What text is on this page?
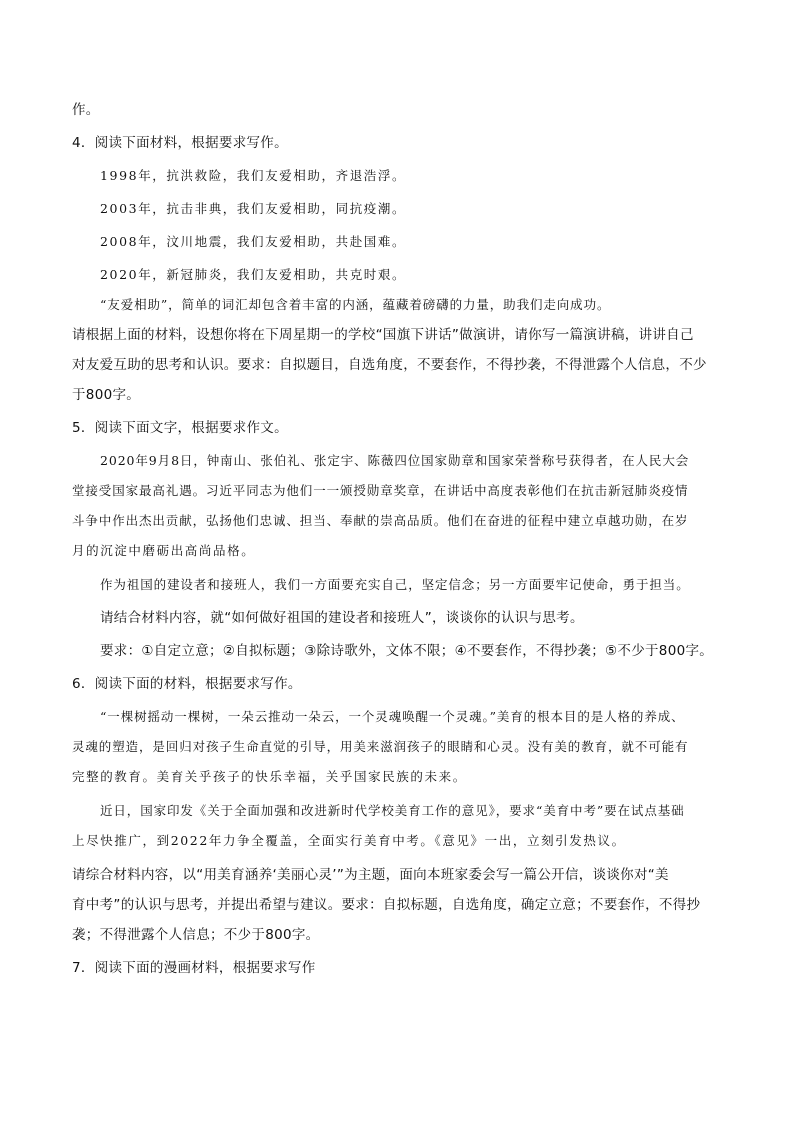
作。
4．阅读下面材料，根据要求写作。
1998年，抗洪救险，我们友爱相助，齐退浩浮。
2003年，抗击非典，我们友爱相助，同抗疫潮。
2008年，汶川地震，我们友爱相助，共赴国难。
2020年，新冠肺炎，我们友爱相助，共克时艰。
“友爱相助”，简单的词汇却包含着丰富的内涵，蕴藏着磅礴的力量，助我们走向成功。
请根据上面的材料，设想你将在下周星期一的学校“国旗下讲话”做演讲，请你写一篇演讲稿，讲讲自己
对友爱互助的思考和认识。要求：自拟题目，自选角度，不要套作，不得抄袭，不得泄露个人信息，不少
于800字。
5．阅读下面文字，根据要求作文。
2020年9月8日，钟南山、张伯礼、张定宇、陈薇四位国家勋章和国家荣誉称号获得者，在人民大会
堂接受国家最高礼遇。习近平同志为他们一一颁授勋章奖章，在讲话中高度表彰他们在抗击新冠肺炎疫情
斗争中作出杰出贡献，弘扬他们忠诚、担当、奉献的崇高品质。他们在奋进的征程中建立卓越功勋，在岁
月的沉淀中磨砺出高尚品格。
作为祖国的建设者和接班人，我们一方面要充实自己，坚定信念；另一方面要牢记使命，勇于担当。
请结合材料内容，就“如何做好祖国的建设者和接班人”，谈谈你的认识与思考。
要求：①自定立意；②自拟标题；③除诗歌外，文体不限；④不要套作，不得抄袭；⑤不少于800字。
6．阅读下面的材料，根据要求写作。
“一棵树摇动一棵树，一朵云推动一朵云，一个灵魂唤醒一个灵魂。”美育的根本目的是人格的养成、
灵魂的塑造，是回归对孩子生命直觉的引导，用美来滋润孩子的眼睛和心灵。没有美的教育，就不可能有
完整的教育。美育关乎孩子的快乐幸福，关乎国家民族的未来。
近日，国家印发《关于全面加强和改进新时代学校美育工作的意见》，要求“美育中考”要在试点基础
上尽快推广，到2022年力争全覆盖，全面实行美育中考。《意见》一出，立刻引发热议。
请综合材料内容，以“用美育涵养‘美丽心灵’”为主题，面向本班家委会写一篇公开信，谈谈你对“美
育中考”的认识与思考，并提出希望与建议。要求：自拟标题，自选角度，确定立意；不要套作，不得抄
袭；不得泄露个人信息；不少于800字。
7．阅读下面的漫画材料，根据要求写作
